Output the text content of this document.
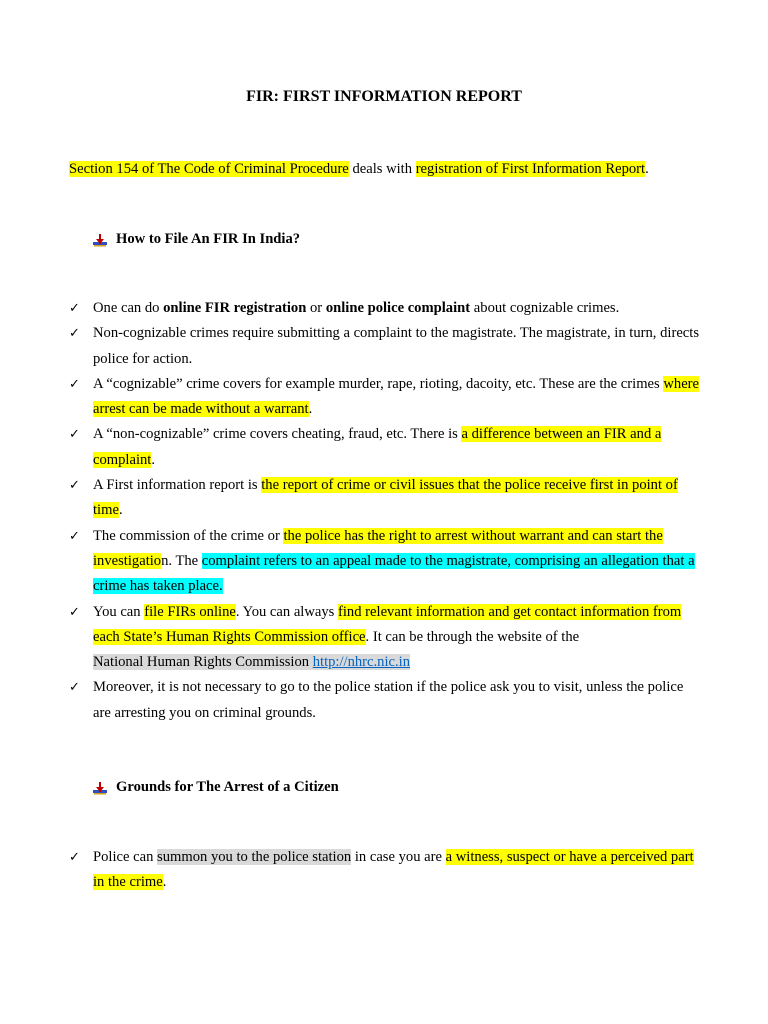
FIR: FIRST INFORMATION REPORT
Section 154 of The Code of Criminal Procedure deals with registration of First Information Report.
How to File An FIR In India?
✓ One can do online FIR registration or online police complaint about cognizable crimes.
✓ Non-cognizable crimes require submitting a complaint to the magistrate. The magistrate, in turn, directs police for action.
✓ A “cognizable” crime covers for example murder, rape, rioting, dacoity, etc. These are the crimes where arrest can be made without a warrant.
✓ A “non-cognizable” crime covers cheating, fraud, etc. There is a difference between an FIR and a complaint.
✓ A First information report is the report of crime or civil issues that the police receive first in point of time.
✓ The commission of the crime or the police has the right to arrest without warrant and can start the investigation. The complaint refers to an appeal made to the magistrate, comprising an allegation that a crime has taken place.
✓ You can file FIRs online. You can always find relevant information and get contact information from each State’s Human Rights Commission office. It can be through the website of the
National Human Rights Commission http://nhrc.nic.in
✓ Moreover, it is not necessary to go to the police station if the police ask you to visit, unless the police are arresting you on criminal grounds.
Grounds for The Arrest of a Citizen
✓ Police can summon you to the police station in case you are a witness, suspect or have a perceived part in the crime.
